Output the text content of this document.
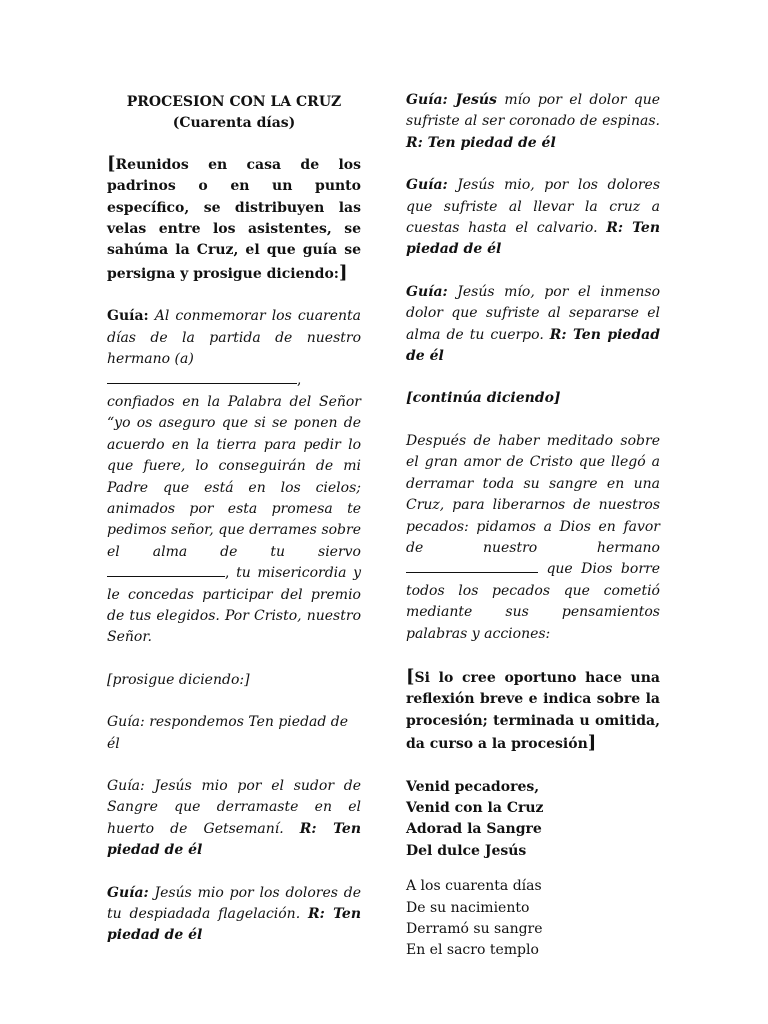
PROCESION CON LA CRUZ
(Cuarenta días)

[Reunidos en casa de los padrinos o en un punto específico, se distribuyen las velas entre los asistentes, se sahúma la Cruz, el que guía se persigna y prosigue diciendo:]

Guía: Al conmemorar los cuarenta días de la partida de nuestro hermano (a)
, confiados en la Palabra del Señor “yo os aseguro que si se ponen de acuerdo en la tierra para pedir lo que fuere, lo conseguirán de mi Padre que está en los cielos; animados por esta promesa te pedimos señor, que derrames sobre el alma de tu siervo , tu misericordia y le concedas participar del premio de tus elegidos. Por Cristo, nuestro Señor.

[prosigue diciendo:]

Guía: respondemos Ten piedad de él

Guía: Jesús mio por el sudor de Sangre que derramaste en el huerto de Getsemaní. R: Ten piedad de él

Guía: Jesús mio por los dolores de tu despiadada flagelación. R: Ten piedad de él

Guía: Jesús mío por el dolor que sufriste al ser coronado de espinas. R: Ten piedad de él

Guía: Jesús mio, por los dolores que sufriste al llevar la cruz a cuestas hasta el calvario. R: Ten piedad de él

Guía: Jesús mío, por el inmenso dolor que sufriste al separarse el alma de tu cuerpo. R: Ten piedad de él

[continúa diciendo]

Después de haber meditado sobre el gran amor de Cristo que llegó a derramar toda su sangre en una Cruz, para liberarnos de nuestros pecados: pidamos a Dios en favor de nuestro hermano  que Dios borre todos los pecados que cometió mediante sus pensamientos palabras y acciones:

[Si lo cree oportuno hace una reflexión breve e indica sobre la procesión; terminada u omitida, da curso a la procesión]

Venid pecadores,
Venid con la Cruz
Adorad la Sangre
Del dulce Jesús
A los cuarenta días
De su nacimiento
Derramó su sangre
En el sacro templo
